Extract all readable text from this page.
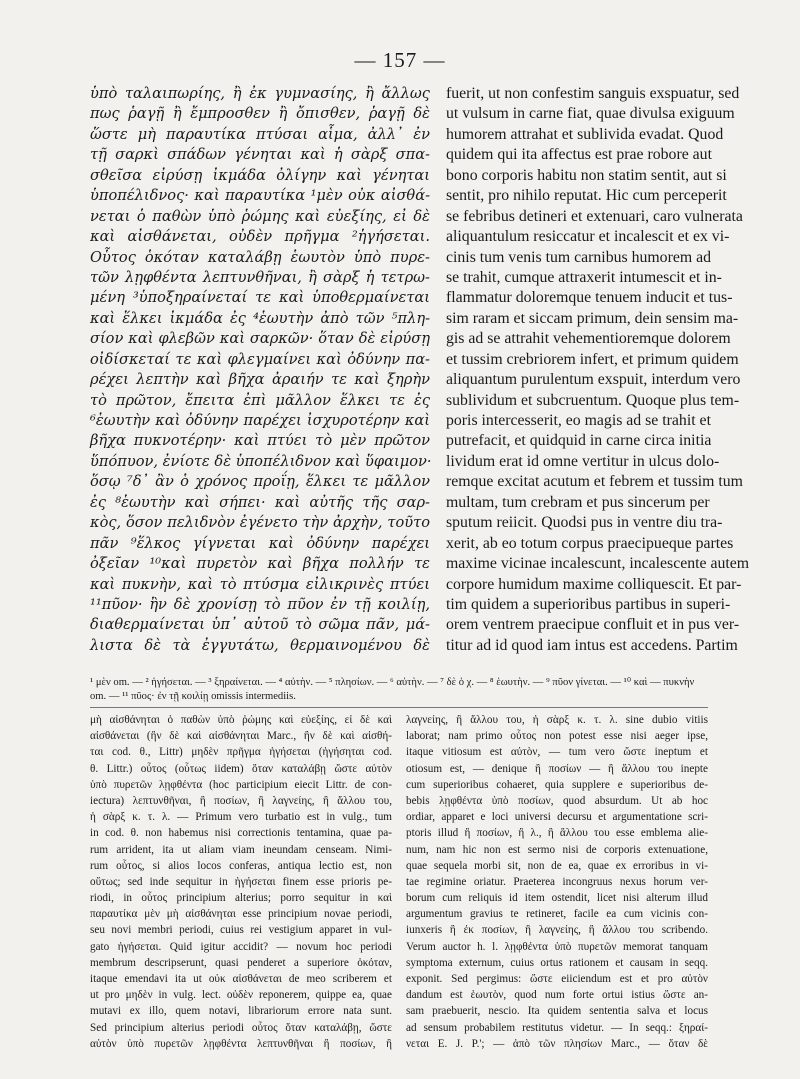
— 157 —
ὑπὸ ταλαιπωρίης, ἢ ἐκ γυμνασίης, ἢ ἄλλως
πως ῥαγῇ ἢ ἔμπροσθεν ἢ ὄπισθεν, ῥαγῇ δὲ
ὥστε μὴ παραυτίκα πτύσαι αἷμα, ἀλλ᾽ ἐν
τῇ σαρκὶ σπάδων γένηται καὶ ἡ σὰρξ σπα-
σθεῖσα εἰρύσῃ ἰκμάδα ὀλίγην καὶ γένηται
ὑποπέλιδνος· καὶ παραυτίκα ¹μὲν οὐκ αἰσθά-
νεται ὁ παθὼν ὑπὸ ῥώμης καὶ εὐεξίης, εἰ δὲ
καὶ αἰσθάνεται, οὐδὲν πρῆγμα ²ἡγήσεται.
Οὗτος ὁκόταν καταλάβῃ ἑωυτὸν ὑπὸ πυρε-
τῶν λῃφθέντα λεπτυνθῆναι, ἢ σὰρξ ἡ τετρω-
μένη ³ὑποξηραίνεταί τε καὶ ὑποθερμαίνεται
καὶ ἕλκει ἰκμάδα ἐς ⁴ἑωυτὴν ἀπὸ τῶν ⁵πλη-
σίον καὶ φλεβῶν καὶ σαρκῶν· ὅταν δὲ εἰρύσῃ
οἰδίσκεταί τε καὶ φλεγμαίνει καὶ ὀδύνην πα-
ρέχει λεπτὴν καὶ βῆχα ἀραιήν τε καὶ ξηρὴν
τὸ πρῶτον, ἔπειτα ἐπὶ μᾶλλον ἕλκει τε ἐς
⁶ἑωυτὴν καὶ ὀδύνην παρέχει ἰσχυροτέρην καὶ
βῆχα πυκνοτέρην· καὶ πτύει τὸ μὲν πρῶτον
ὕπόπυον, ἐνίοτε δὲ ὑποπέλιδνον καὶ ὕφαιμον·
ὅσῳ ⁷δ᾽ ἂν ὁ χρόνος προΐῃ, ἕλκει τε μᾶλλον
ἐς ⁸ἑωυτὴν καὶ σήπει· καὶ αὐτῆς τῆς σαρ-
κὸς, ὅσον πελιδνὸν ἐγένετο τὴν ἀρχὴν, τοῦτο
πᾶν ⁹ἕλκος γίγνεται καὶ ὀδύνην παρέχει
ὀξεῖαν ¹⁰καὶ πυρετὸν καὶ βῆχα πολλήν τε
καὶ πυκνὴν, καὶ τὸ πτύσμα εἰλικρινὲς πτύει
¹¹πῦον· ἢν δὲ χρονίσῃ τὸ πῦον ἐν τῇ κοιλίῃ,
διαθερμαίνεται ὑπ᾽ αὐτοῦ τὸ σῶμα πᾶν, μά-
λιστα δὲ τὰ ἐγγυτάτω, θερμαινομένου δὲ
fuerit, ut non confestim sanguis exspuatur, sed
ut vulsum in carne fiat, quae divulsa exiguum
humorem attrahat et sublivida evadat. Quod
quidem qui ita affectus est prae robore aut
bono corporis habitu non statim sentit, aut si
sentit, pro nihilo reputat. Hic cum perceperit
se febribus detineri et extenuari, caro vulnerata
aliquantulum resiccatur et incalescit et ex vi-
cinis tum venis tum carnibus humorem ad
se trahit, cumque attraxerit intumescit et in-
flammatur doloremque tenuem inducit et tus-
sim raram et siccam primum, dein sensim ma-
gis ad se attrahit vehementioremque dolorem
et tussim crebriorem infert, et primum quidem
aliquantum purulentum exspuit, interdum vero
sublividum et subcruentum. Quoque plus tem-
poris intercesserit, eo magis ad se trahit et
putrefacit, et quidquid in carne circa initia
lividum erat id omne vertitur in ulcus dolo-
remque excitat acutum et febrem et tussim tum
multam, tum crebram et pus sincerum per
sputum reiicit. Quodsi pus in ventre diu tra-
xerit, ab eo totum corpus praecipueque partes
maxime vicinae incalescunt, incalescente autem
corpore humidum maxime colliquescit. Et par-
tim quidem a superioribus partibus in superi-
orem ventrem praecipue confluit et in pus ver-
titur ad id quod iam intus est accedens. Partim
¹ μὲν om. — ² ἡγήσεται. — ³ ξηραίνεται. — ⁴ αὐτὴν. — ⁵ πλησίων. — ⁶ αὐτὴν. — ⁷ δὲ ὁ χ. — ⁸ ἑωυτὴν. — ⁹ πῦον γίνεται. — ¹⁰ καὶ — πυκνὴν
om. — ¹¹ πῦος· ἐν τῇ κοιλίῃ omissis intermediis.
μὴ αἰσθάνηται ὁ παθὼν ὑπὸ ῥώμης καὶ εὐεξίης, εἰ δὲ καὶ
αἰσθάνεται (ἢν δὲ καὶ αἰσθάνηται Marc., ἢν δὲ καὶ αἰσθή-
ται cod. θ., Littr) μηδὲν πρῆγμα ἡγήσεται (ἡγήσηται cod.
θ. Littr.) οὗτος (οὗτως iidem) ὅταν καταλάβῃ ὥστε αὐτὸν
ὑπὸ πυρετῶν λῃφθέντα (hoc participium eiecit Littr. de con-
iectura) λεπτυνθῆναι, ἢ ποσίων, ἢ λαγνείης, ἢ ἄλλου του,
ἡ σὰρξ κ. τ. λ. — Primum vero turbatio est in vulg., tum
in cod. θ. non habemus nisi correctionis tentamina, quae pa-
rum arrident, ita ut aliam viam ineundam censeam. Nimi-
rum οὗτος, si alios locos conferas, antiqua lectio est, non
οὕτως; sed inde sequitur in ἡγήσεται finem esse prioris pe-
riodi, in οὗτος principium alterius; porro sequitur in καὶ
παραυτίκα μὲν μὴ αἰσθάνηται esse principium novae periodi,
seu novi membri periodi, cuius rei vestigium apparet in vul-
gato ἡγήσεται. Quid igitur accidit? — novum hoc periodi
membrum descripserunt, quasi penderet a superiore ὁκόταν,
itaque emendavi ita ut οὐκ αἰσθάνεται de meo scriberem et
ut pro μηδὲν in vulg. lect. οὐδὲν reponerem, quippe ea, quae
mutavi ex illo, quem notavi, librariorum errore nata sunt.
Sed principium alterius periodi οὗτος ὅταν καταλάβῃ, ὥστε
αὐτὸν ὑπὸ πυρετῶν λῃφθέντα λεπτυνθῆναι ἢ ποσίων, ἢ
λαγνείης, ἢ ἄλλου του, ἡ σὰρξ κ. τ. λ. sine dubio vitiis
laborat; nam primo οὗτος non potest esse nisi aeger ipse,
itaque vitiosum est αὐτὸν, — tum vero ὥστε ineptum et
otiosum est, — denique ἢ ποσίων — ἢ ἄλλου του inepte
cum superioribus cohaeret, quia supplere e superioribus de-
bebis λῃφθέντα ὑπὸ ποσίων, quod absurdum. Ut ab hoc
ordiar, apparet e loci universi decursu et argumentatione scri-
ptoris illud ἢ ποσίων, ἢ λ., ἢ ἄλλου του esse emblema alie-
num, nam hic non est sermo nisi de corporis extenuatione,
quae sequela morbi sit, non de ea, quae ex erroribus in vi-
tae regimine oriatur. Praeterea incongruus nexus horum ver-
borum cum reliquis id item ostendit, licet nisi alterum illud
argumentum gravius te retineret, facile ea cum vicinis con-
iunxeris ἢ ἐκ ποσίων, ἢ λαγνείης, ἢ ἄλλου του scribendo.
Verum auctor h. l. λῃφθέντα ὑπὸ πυρετῶν memorat tanquam
symptoma externum, cuius ortus rationem et causam in seqq.
exponit. Sed pergimus: ὥστε eiiciendum est et pro αὐτὸν
dandum est ἑωυτὸν, quod num forte ortui istius ὥστε an-
sam praebuerit, nescio. Ita quidem sententia salva et locus
ad sensum probabilem restitutus videtur. — In seqq.: ξηραί-
νεται E. J. P.'; — ἀπὸ τῶν πλησίων Marc., — ὅταν δὲ
